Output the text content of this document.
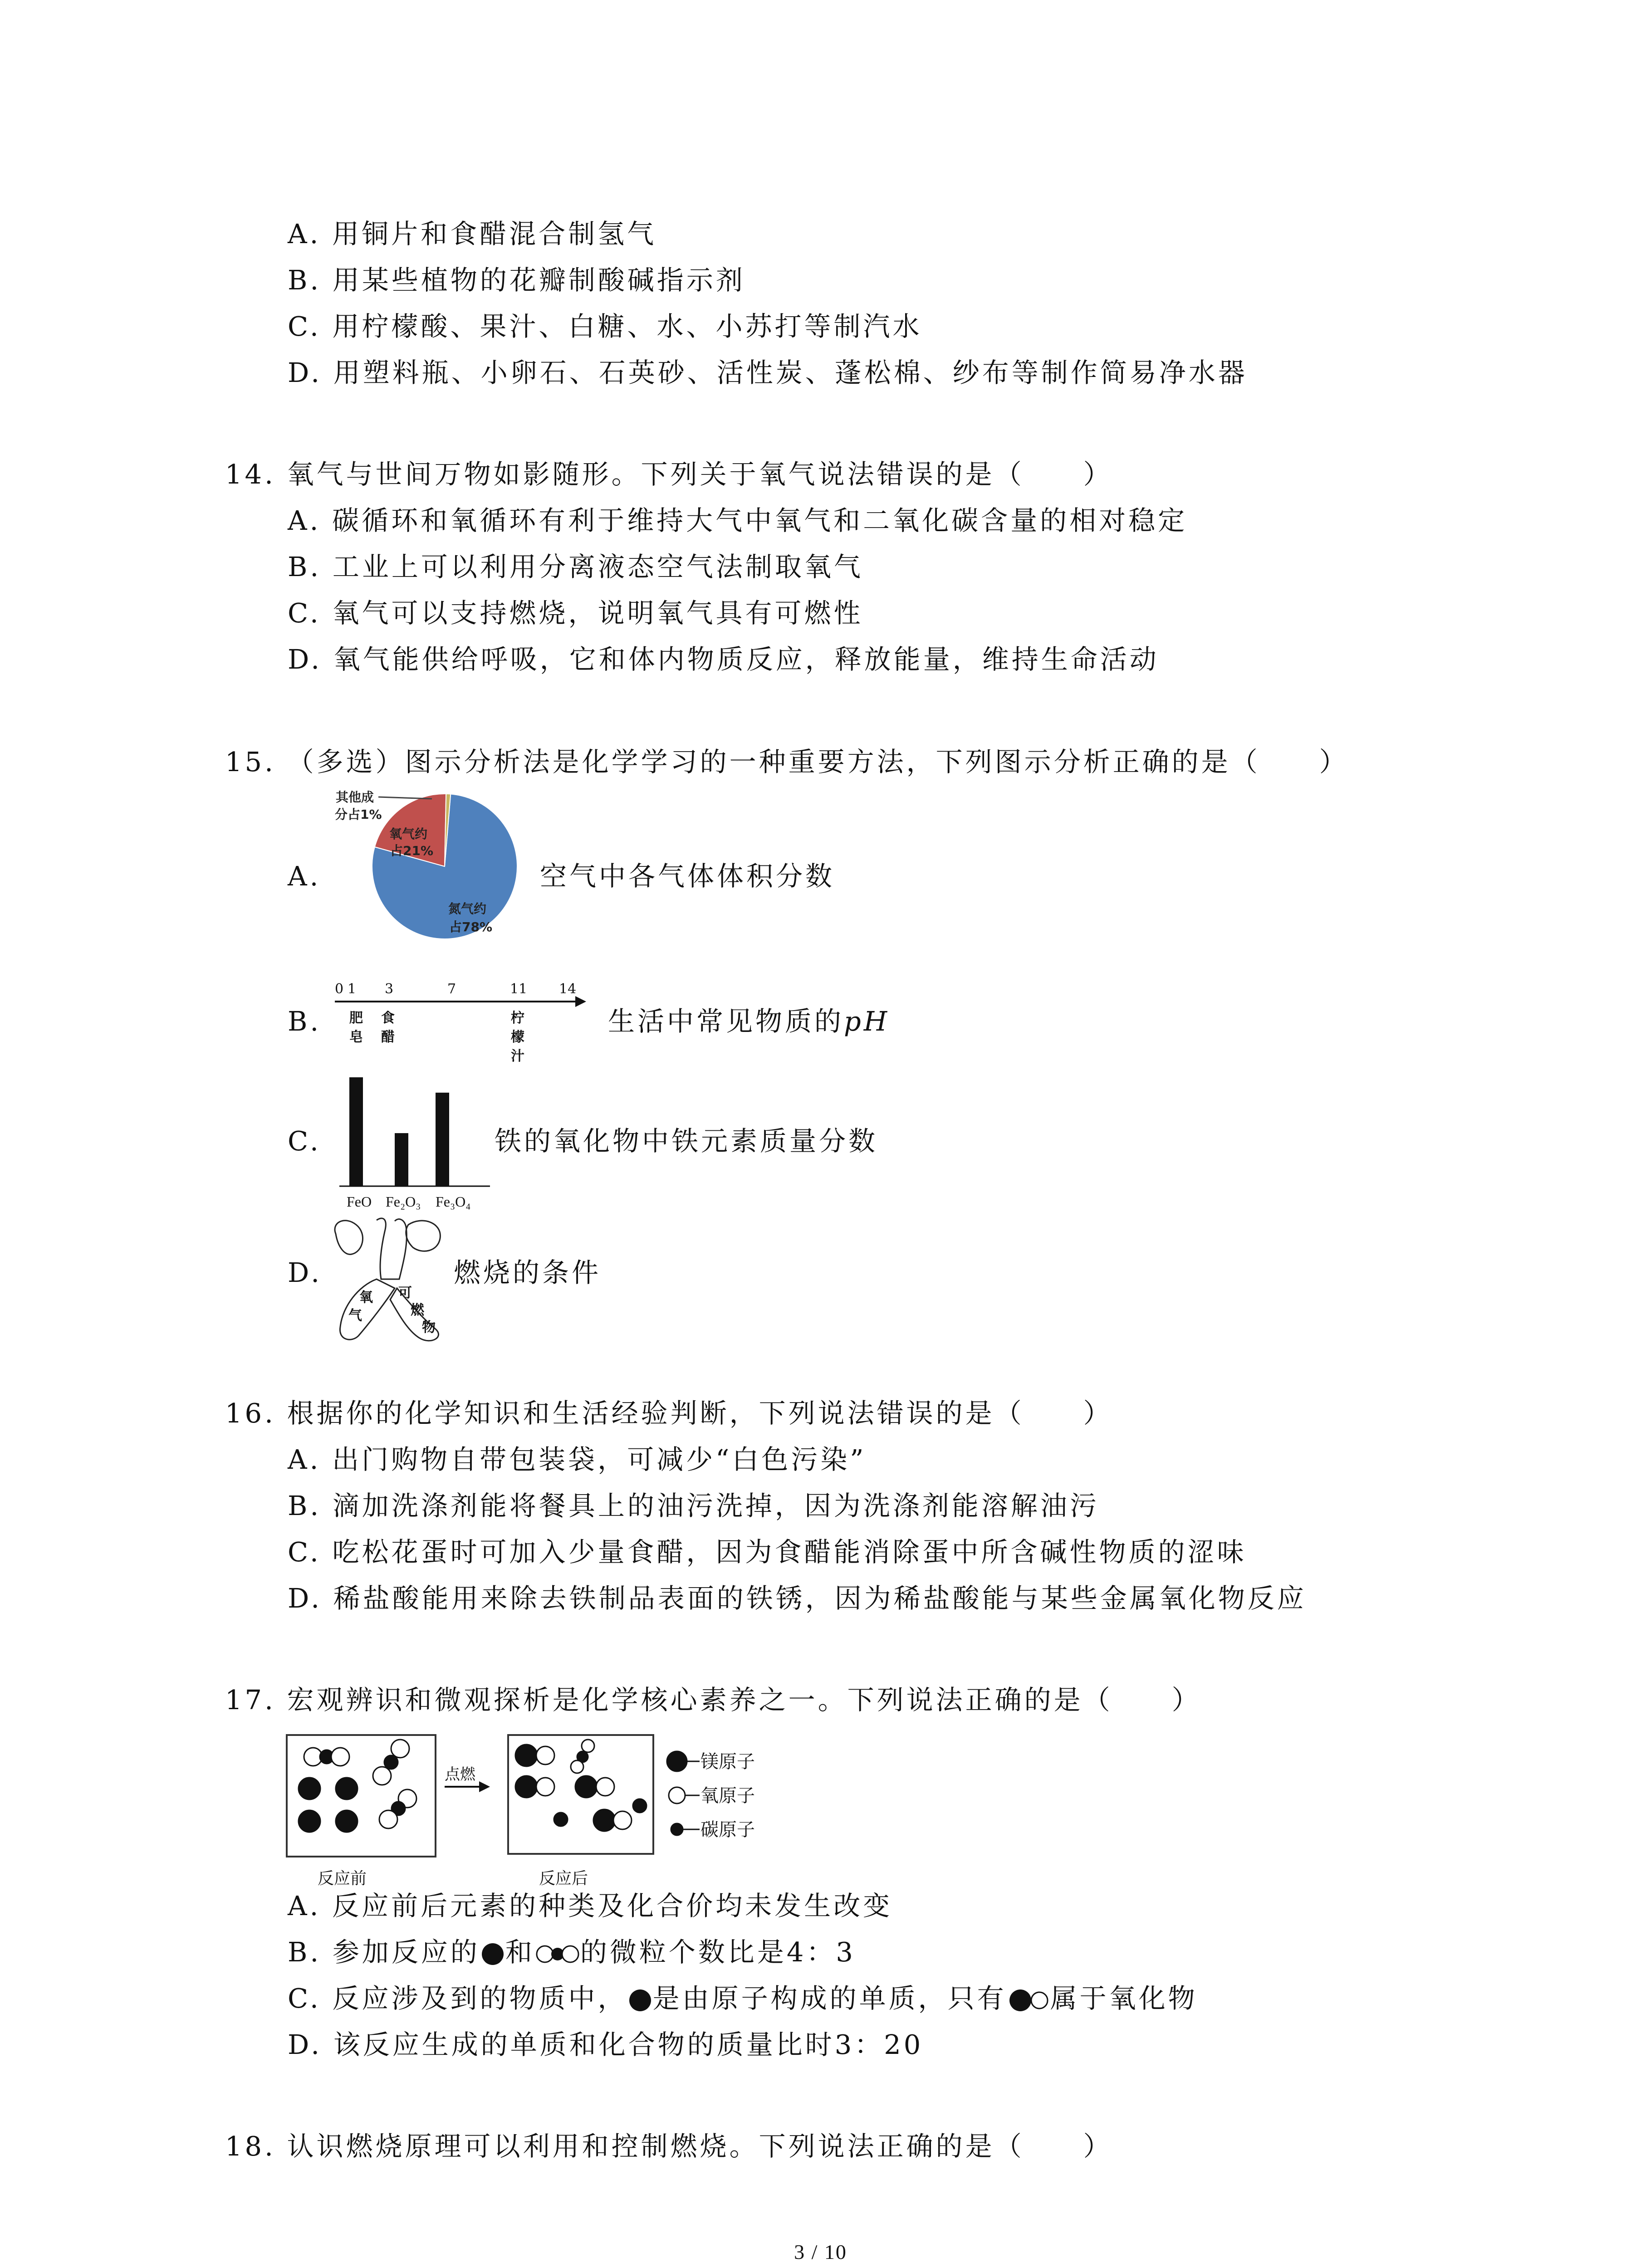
A. 用铜片和食醋混合制氢气
B. 用某些植物的花瓣制酸碱指示剂
C. 用柠檬酸、果汁、白糖、水、小苏打等制汽水
D. 用塑料瓶、小卵石、石英砂、活性炭、蓬松棉、纱布等制作简易净水器
14. 氧气与世间万物如影随形。下列关于氧气说法错误的是（　　）
A. 碳循环和氧循环有利于维持大气中氧气和二氧化碳含量的相对稳定
B. 工业上可以利用分离液态空气法制取氧气
C. 氧气可以支持燃烧，说明氧气具有可燃性
D. 氧气能供给呼吸，它和体内物质反应，释放能量，维持生命活动
15. （多选）图示分析法是化学学习的一种重要方法，下列图示分析正确的是（　　）
A.
其他成
分占1%
氧气约
占21%
氮气约
占78%
空气中各气体体积分数
B.
0 1 3	7	11 14
肥
皂
食
醋
柠
檬
汁
生活中常见物质的pH
C.
FeO Fe₂O₃ Fe₃O₄
铁的氧化物中铁元素质量分数
D.
氧
气
可
燃
物
燃烧的条件
16. 根据你的化学知识和生活经验判断，下列说法错误的是（　　）
A. 出门购物自带包装袋，可减少“白色污染”
B. 滴加洗涤剂能将餐具上的油污洗掉，因为洗涤剂能溶解油污
C. 吃松花蛋时可加入少量食醋，因为食醋能消除蛋中所含碱性物质的涩味
D. 稀盐酸能用来除去铁制品表面的铁锈，因为稀盐酸能与某些金属氧化物反应
17. 宏观辨识和微观探析是化学核心素养之一。下列说法正确的是（　　）
反应前
点燃
反应后
镁原子
氧原子
碳原子
A. 反应前后元素的种类及化合价均未发生改变
B. 参加反应的 和 的微粒个数比是4：3
C. 反应涉及到的物质中， 是由原子构成的单质，只有 属于氧化物
D. 该反应生成的单质和化合物的质量比时3：20
18. 认识燃烧原理可以利用和控制燃烧。下列说法正确的是（　　）
3 / 10
